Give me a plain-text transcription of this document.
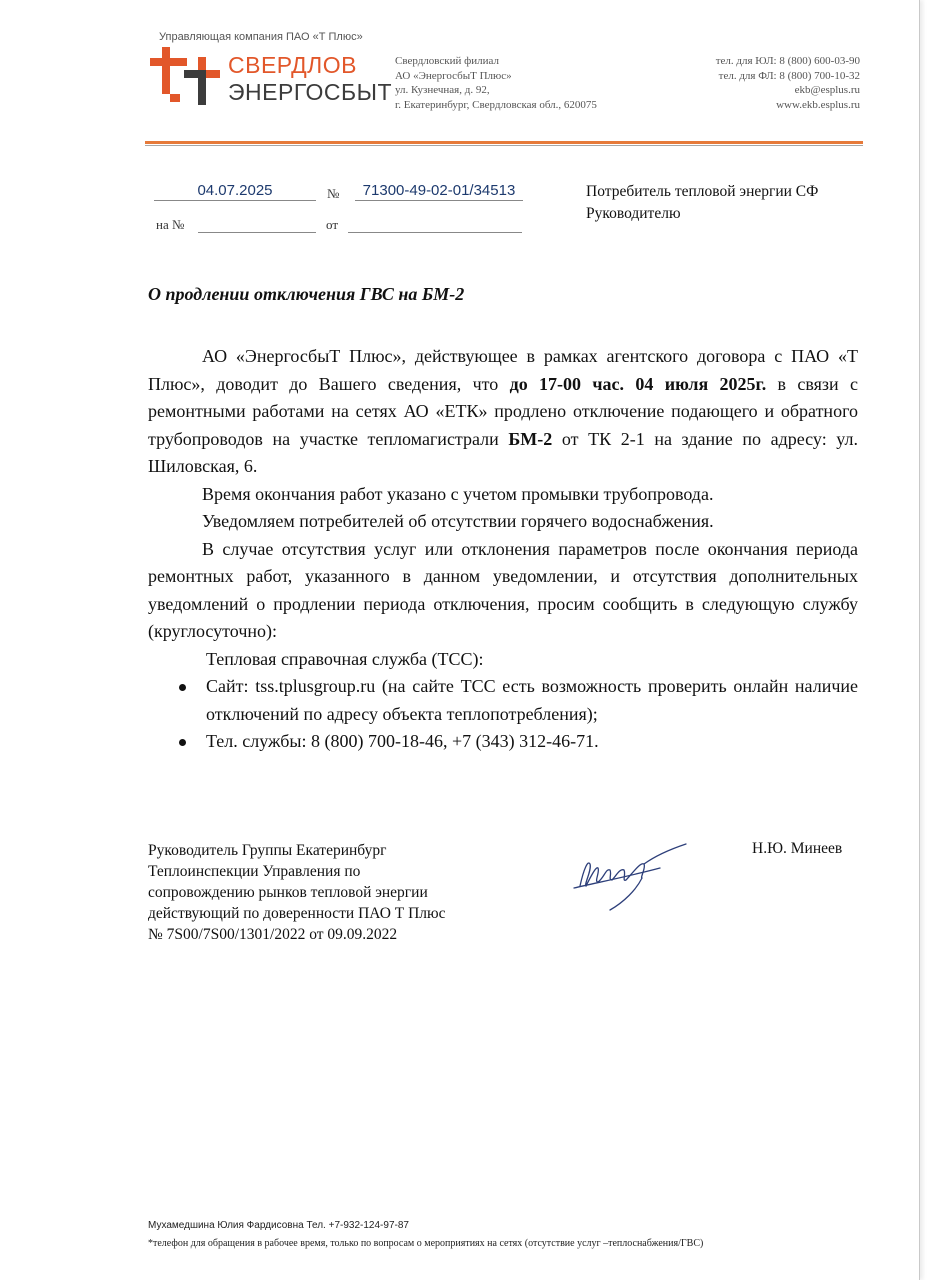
Управляющая компания ПАО «Т Плюс»
СВЕРДЛОВ
ЭНЕРГОСБЫТ
Свердловский филиал
АО «ЭнергосбыТ Плюс»
ул. Кузнечная, д. 92,
г. Екатеринбург, Свердловская обл., 620075
тел. для ЮЛ: 8 (800) 600-03-90
тел. для ФЛ: 8 (800) 700-10-32
ekb@esplus.ru
www.ekb.esplus.ru
04.07.2025	№	71300-49-02-01/34513
на №	от
Потребитель тепловой энергии СФ
Руководителю
О продлении отключения ГВС на БМ-2

АО «ЭнергосбыТ Плюс», действующее в рамках агентского договора с ПАО «Т Плюс», доводит до Вашего сведения, что до 17-00 час. 04 июля 2025г. в связи с ремонтными работами на сетях АО «ЕТК» продлено отключение подающего и обратного трубопроводов на участке тепломагистрали БМ-2 от ТК 2-1 на здание по адресу: ул. Шиловская, 6.

Время окончания работ указано с учетом промывки трубопровода.

Уведомляем потребителей об отсутствии горячего водоснабжения.

В случае отсутствия услуг или отклонения параметров после окончания периода ремонтных работ, указанного в данном уведомлении, и отсутствия дополнительных уведомлений о продлении периода отключения, просим сообщить в следующую службу (круглосуточно):

Тепловая справочная служба (ТСС):

Сайт: tss.tplusgroup.ru (на сайте ТСС есть возможность проверить онлайн наличие отключений по адресу объекта теплопотребления);
Тел. службы: 8 (800) 700-18-46, +7 (343) 312-46-71.
Руководитель Группы Екатеринбург
Теплоинспекции Управления по
сопровождению рынков тепловой энергии
действующий по доверенности ПАО Т Плюс
№ 7S00/7S00/1301/2022 от 09.09.2022
Н.Ю. Минеев
Мухамедшина Юлия Фардисовна Тел. +7-932-124-97-87
*телефон для обращения в рабочее время, только по вопросам о мероприятиях на сетях (отсутствие услуг –теплоснабжения/ГВС)
